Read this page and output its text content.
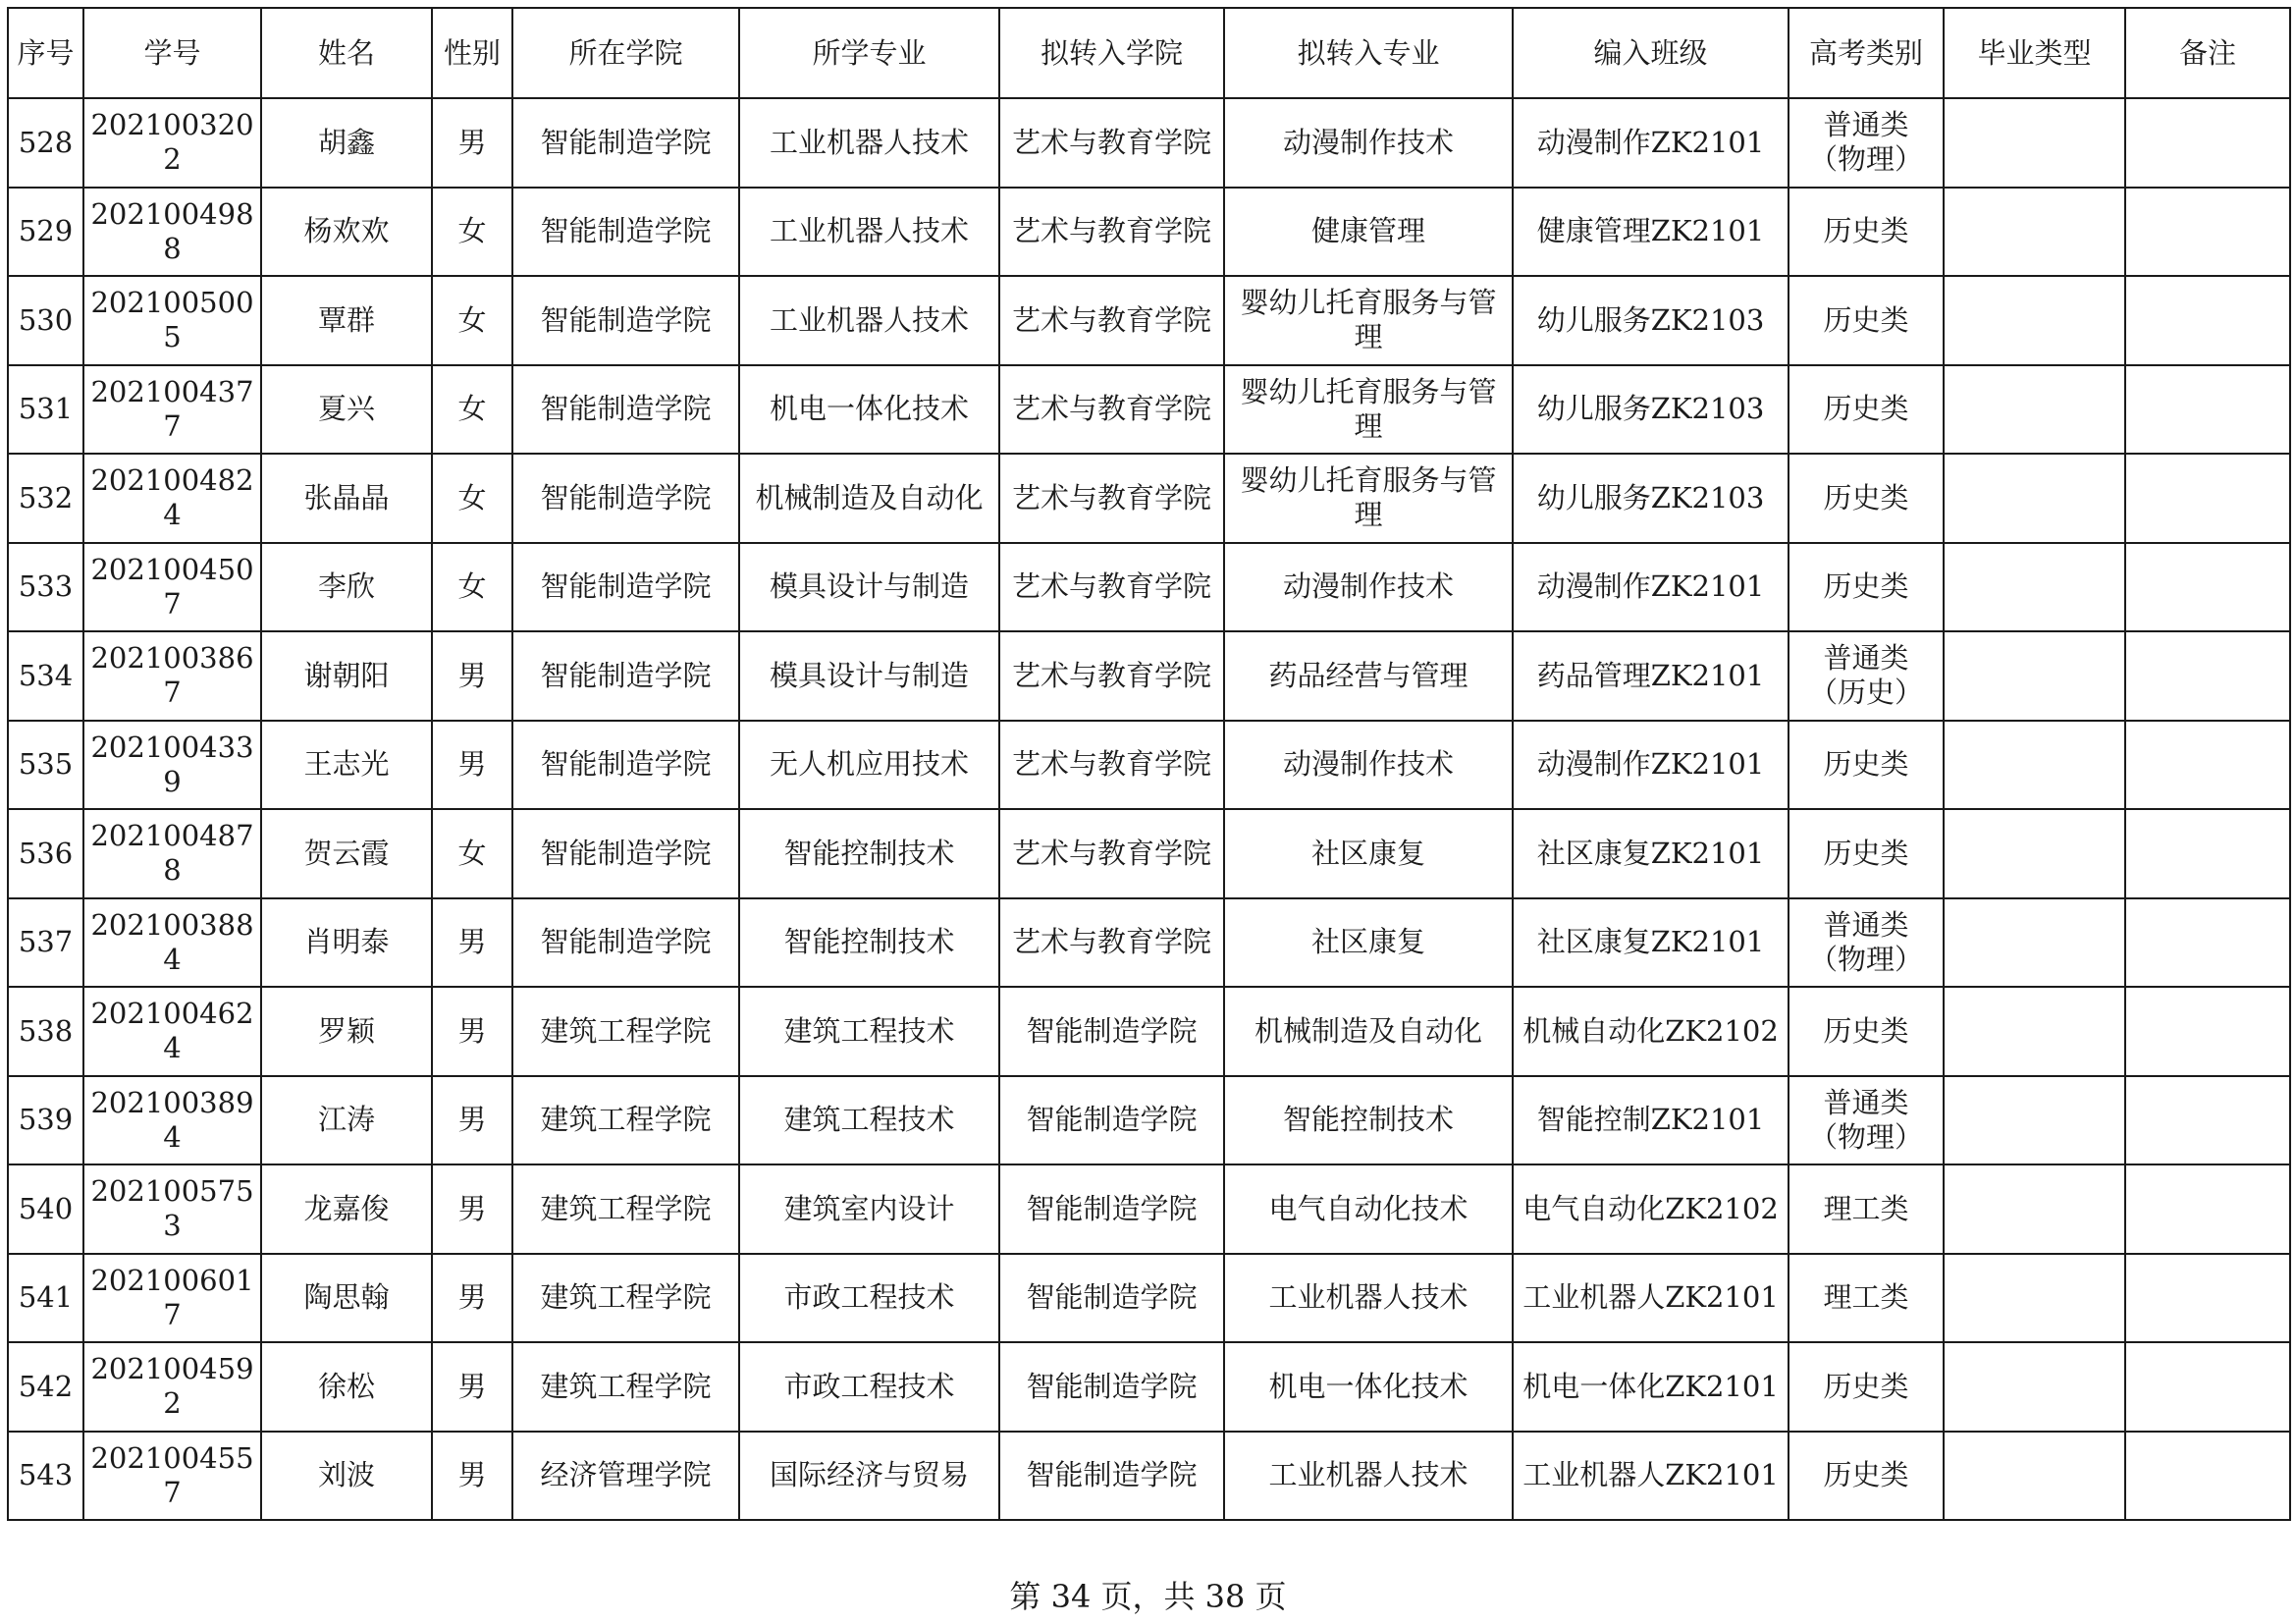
序号	学号	姓名	性别	所在学院	所学专业	拟转入学院	拟转入专业	编入班级	高考类别	毕业类型	备注
528	2021003202	胡鑫	男	智能制造学院	工业机器人技术	艺术与教育学院	动漫制作技术	动漫制作ZK2101	普通类（物理）		
529	2021004988	杨欢欢	女	智能制造学院	工业机器人技术	艺术与教育学院	健康管理	健康管理ZK2101	历史类		
530	2021005005	覃群	女	智能制造学院	工业机器人技术	艺术与教育学院	婴幼儿托育服务与管理	幼儿服务ZK2103	历史类		
531	2021004377	夏兴	女	智能制造学院	机电一体化技术	艺术与教育学院	婴幼儿托育服务与管理	幼儿服务ZK2103	历史类		
532	2021004824	张晶晶	女	智能制造学院	机械制造及自动化	艺术与教育学院	婴幼儿托育服务与管理	幼儿服务ZK2103	历史类		
533	2021004507	李欣	女	智能制造学院	模具设计与制造	艺术与教育学院	动漫制作技术	动漫制作ZK2101	历史类		
534	2021003867	谢朝阳	男	智能制造学院	模具设计与制造	艺术与教育学院	药品经营与管理	药品管理ZK2101	普通类（历史）		
535	2021004339	王志光	男	智能制造学院	无人机应用技术	艺术与教育学院	动漫制作技术	动漫制作ZK2101	历史类		
536	2021004878	贺云霞	女	智能制造学院	智能控制技术	艺术与教育学院	社区康复	社区康复ZK2101	历史类		
537	2021003884	肖明泰	男	智能制造学院	智能控制技术	艺术与教育学院	社区康复	社区康复ZK2101	普通类（物理）		
538	2021004624	罗颖	男	建筑工程学院	建筑工程技术	智能制造学院	机械制造及自动化	机械自动化ZK2102	历史类		
539	2021003894	江涛	男	建筑工程学院	建筑工程技术	智能制造学院	智能控制技术	智能控制ZK2101	普通类（物理）		
540	2021005753	龙嘉俊	男	建筑工程学院	建筑室内设计	智能制造学院	电气自动化技术	电气自动化ZK2102	理工类		
541	2021006017	陶思翰	男	建筑工程学院	市政工程技术	智能制造学院	工业机器人技术	工业机器人ZK2101	理工类		
542	2021004592	徐松	男	建筑工程学院	市政工程技术	智能制造学院	机电一体化技术	机电一体化ZK2101	历史类		
543	2021004557	刘波	男	经济管理学院	国际经济与贸易	智能制造学院	工业机器人技术	工业机器人ZK2101	历史类		
第 34 页，共 38 页
